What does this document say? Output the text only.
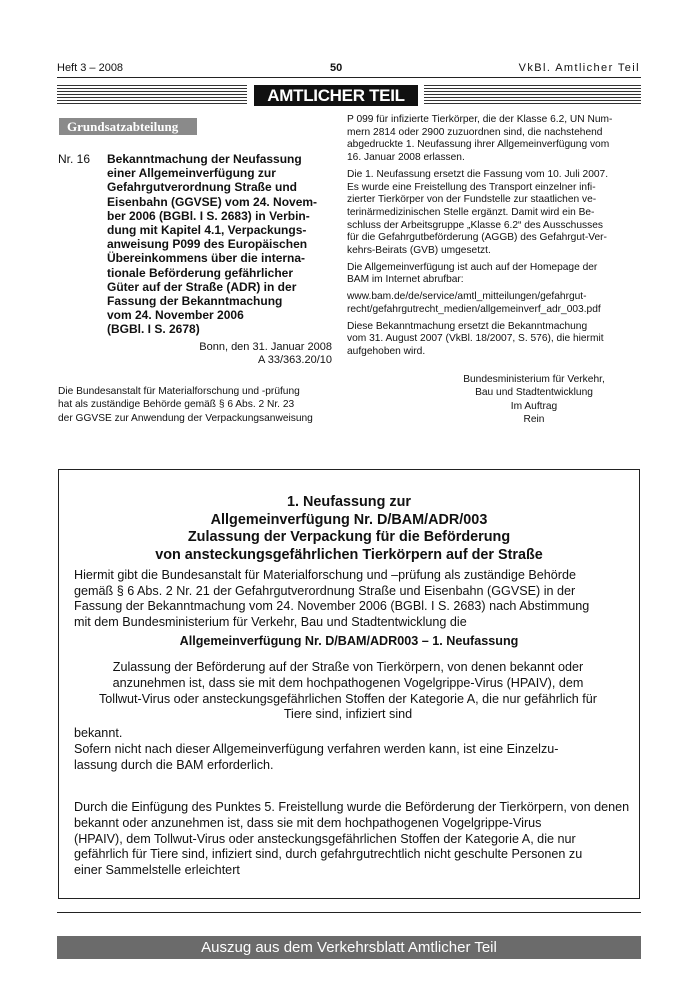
Heft 3 – 2008	50	VkBl. Amtlicher Teil
AMTLICHER TEIL
Grundsatzabteilung
Nr. 16 Bekanntmachung der Neufassung
einer Allgemeinverfügung zur
Gefahrgutverordnung Straße und
Eisenbahn (GGVSE) vom 24. Novem-
ber 2006 (BGBl. I S. 2683) in Verbin-
dung mit Kapitel 4.1, Verpackungs-
anweisung P099 des Europäischen
Übereinkommens über die interna-
tionale Beförderung gefährlicher
Güter auf der Straße (ADR) in der
Fassung der Bekanntmachung
vom 24. November 2006
(BGBl. I S. 2678)
Bonn, den 31. Januar 2008
A 33/363.20/10
Die Bundesanstalt für Materialforschung und -prüfung
hat als zuständige Behörde gemäß § 6 Abs. 2 Nr. 23
der GGVSE zur Anwendung der Verpackungsanweisung
P 099 für infizierte Tierkörper, die der Klasse 6.2, UN Num-
mern 2814 oder 2900 zuzuordnen sind, die nachstehend
abgedruckte 1. Neufassung ihrer Allgemeinverfügung vom
16. Januar 2008 erlassen.
Die 1. Neufassung ersetzt die Fassung vom 10. Juli 2007.
Es wurde eine Freistellung des Transport einzelner infi-
zierter Tierkörper von der Fundstelle zur staatlichen ve-
terinärmedizinischen Stelle ergänzt. Damit wird ein Be-
schluss der Arbeitsgruppe „Klasse 6.2“ des Ausschusses
für die Gefahrgutbeförderung (AGGB) des Gefahrgut-Ver-
kehrs-Beirats (GVB) umgesetzt.
Die Allgemeinverfügung ist auch auf der Homepage der
BAM im Internet abrufbar:
www.bam.de/de/service/amtl_mitteilungen/gefahrgut-
recht/gefahrgutrecht_medien/allgemeinverf_adr_003.pdf
Diese Bekanntmachung ersetzt die Bekanntmachung
vom 31. August 2007 (VkBl. 18/2007, S. 576), die hiermit
aufgehoben wird.
Bundesministerium für Verkehr,
Bau und Stadtentwicklung
Im Auftrag
Rein
1. Neufassung zur
Allgemeinverfügung Nr. D/BAM/ADR/003
Zulassung der Verpackung für die Beförderung
von ansteckungsgefährlichen Tierkörpern auf der Straße
Hiermit gibt die Bundesanstalt für Materialforschung und –prüfung als zuständige Behörde
gemäß § 6 Abs. 2 Nr. 21 der Gefahrgutverordnung Straße und Eisenbahn (GGVSE) in der
Fassung der Bekanntmachung vom 24. November 2006 (BGBl. I S. 2683) nach Abstimmung
mit dem Bundesministerium für Verkehr, Bau und Stadtentwicklung die
Allgemeinverfügung Nr. D/BAM/ADR003 – 1. Neufassung
Zulassung der Beförderung auf der Straße von Tierkörpern, von denen bekannt oder
anzunehmen ist, dass sie mit dem hochpathogenen Vogelgrippe-Virus (HPAIV), dem
Tollwut-Virus oder ansteckungsgefährlichen Stoffen der Kategorie A, die nur gefährlich für
Tiere sind, infiziert sind
bekannt.
Sofern nicht nach dieser Allgemeinverfügung verfahren werden kann, ist eine Einzelzu-
lassung durch die BAM erforderlich.
Durch die Einfügung des Punktes 5. Freistellung wurde die Beförderung der Tierkörpern, von denen
bekannt oder anzunehmen ist, dass sie mit dem hochpathogenen Vogelgrippe-Virus
(HPAIV), dem Tollwut-Virus oder ansteckungsgefährlichen Stoffen der Kategorie A, die nur
gefährlich für Tiere sind, infiziert sind, durch gefahrgutrechtlich nicht geschulte Personen zu
einer Sammelstelle erleichtert
Auszug aus dem Verkehrsblatt Amtlicher Teil
